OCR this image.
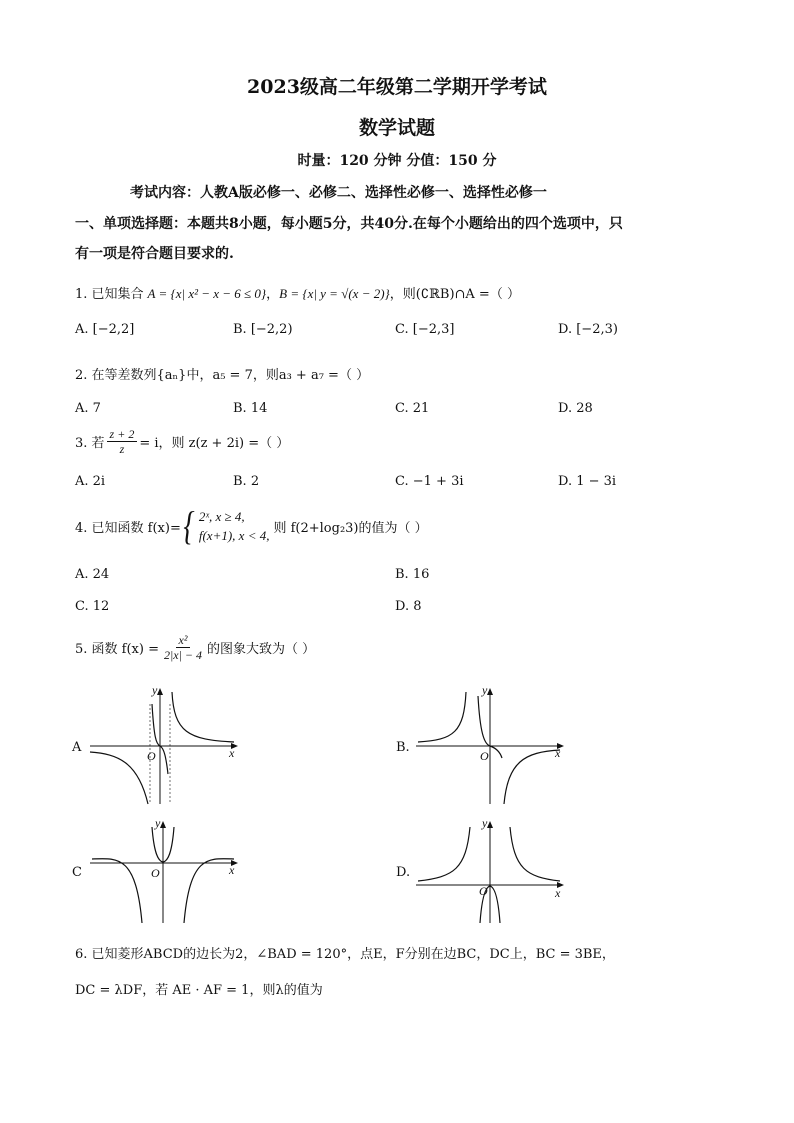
2023级高二年级第二学期开学考试
数学试题
时量：120 分钟 分值：150 分
考试内容：人教A版必修一、必修二、选择性必修一、选择性必修一
一、单项选择题：本题共8小题，每小题5分，共40分.在每个小题给出的四个选项中，只
有一项是符合题目要求的.
1. 已知集合 A = {x| x² − x − 6 ≤ 0}，B = {x| y = √(x − 2)}，则(∁ℝB)∩A =（ ）
A. [−2,2]	B. [−2,2)	C. [−2,3]	D. [−2,3)
2. 在等差数列{aₙ}中，a₅ = 7，则a₃ + a₇ =（ ）
A. 7	B. 14	C. 21	D. 28
3. 若 $\frac{z + 2}{z} = i$，则 z(z + 2i) =（ ）
A. 2i	B. 2	C. −1 + 3i	D. 1 − 3i
4. 已知函数 f(x)= { 2ˣ, x ≥ 4,
f(x+1), x < 4, 则 f(2+log₂3)的值为（ ）
A. 24	B. 16
C. 12	D. 8
5. 函数 $f(x) = \frac{\text{x²}}{2|x| - 4}$ 的图象大致为（ ）
A	B.
C	D.
O	x
y
O	x
y
O	x
y
O	x
y
6. 已知菱形ABCD的边长为2，∠BAD = 120°，点E，F分别在边BC，DC上，BC = 3BE，
DC = λDF，若 AE · AF = 1，则λ的值为
